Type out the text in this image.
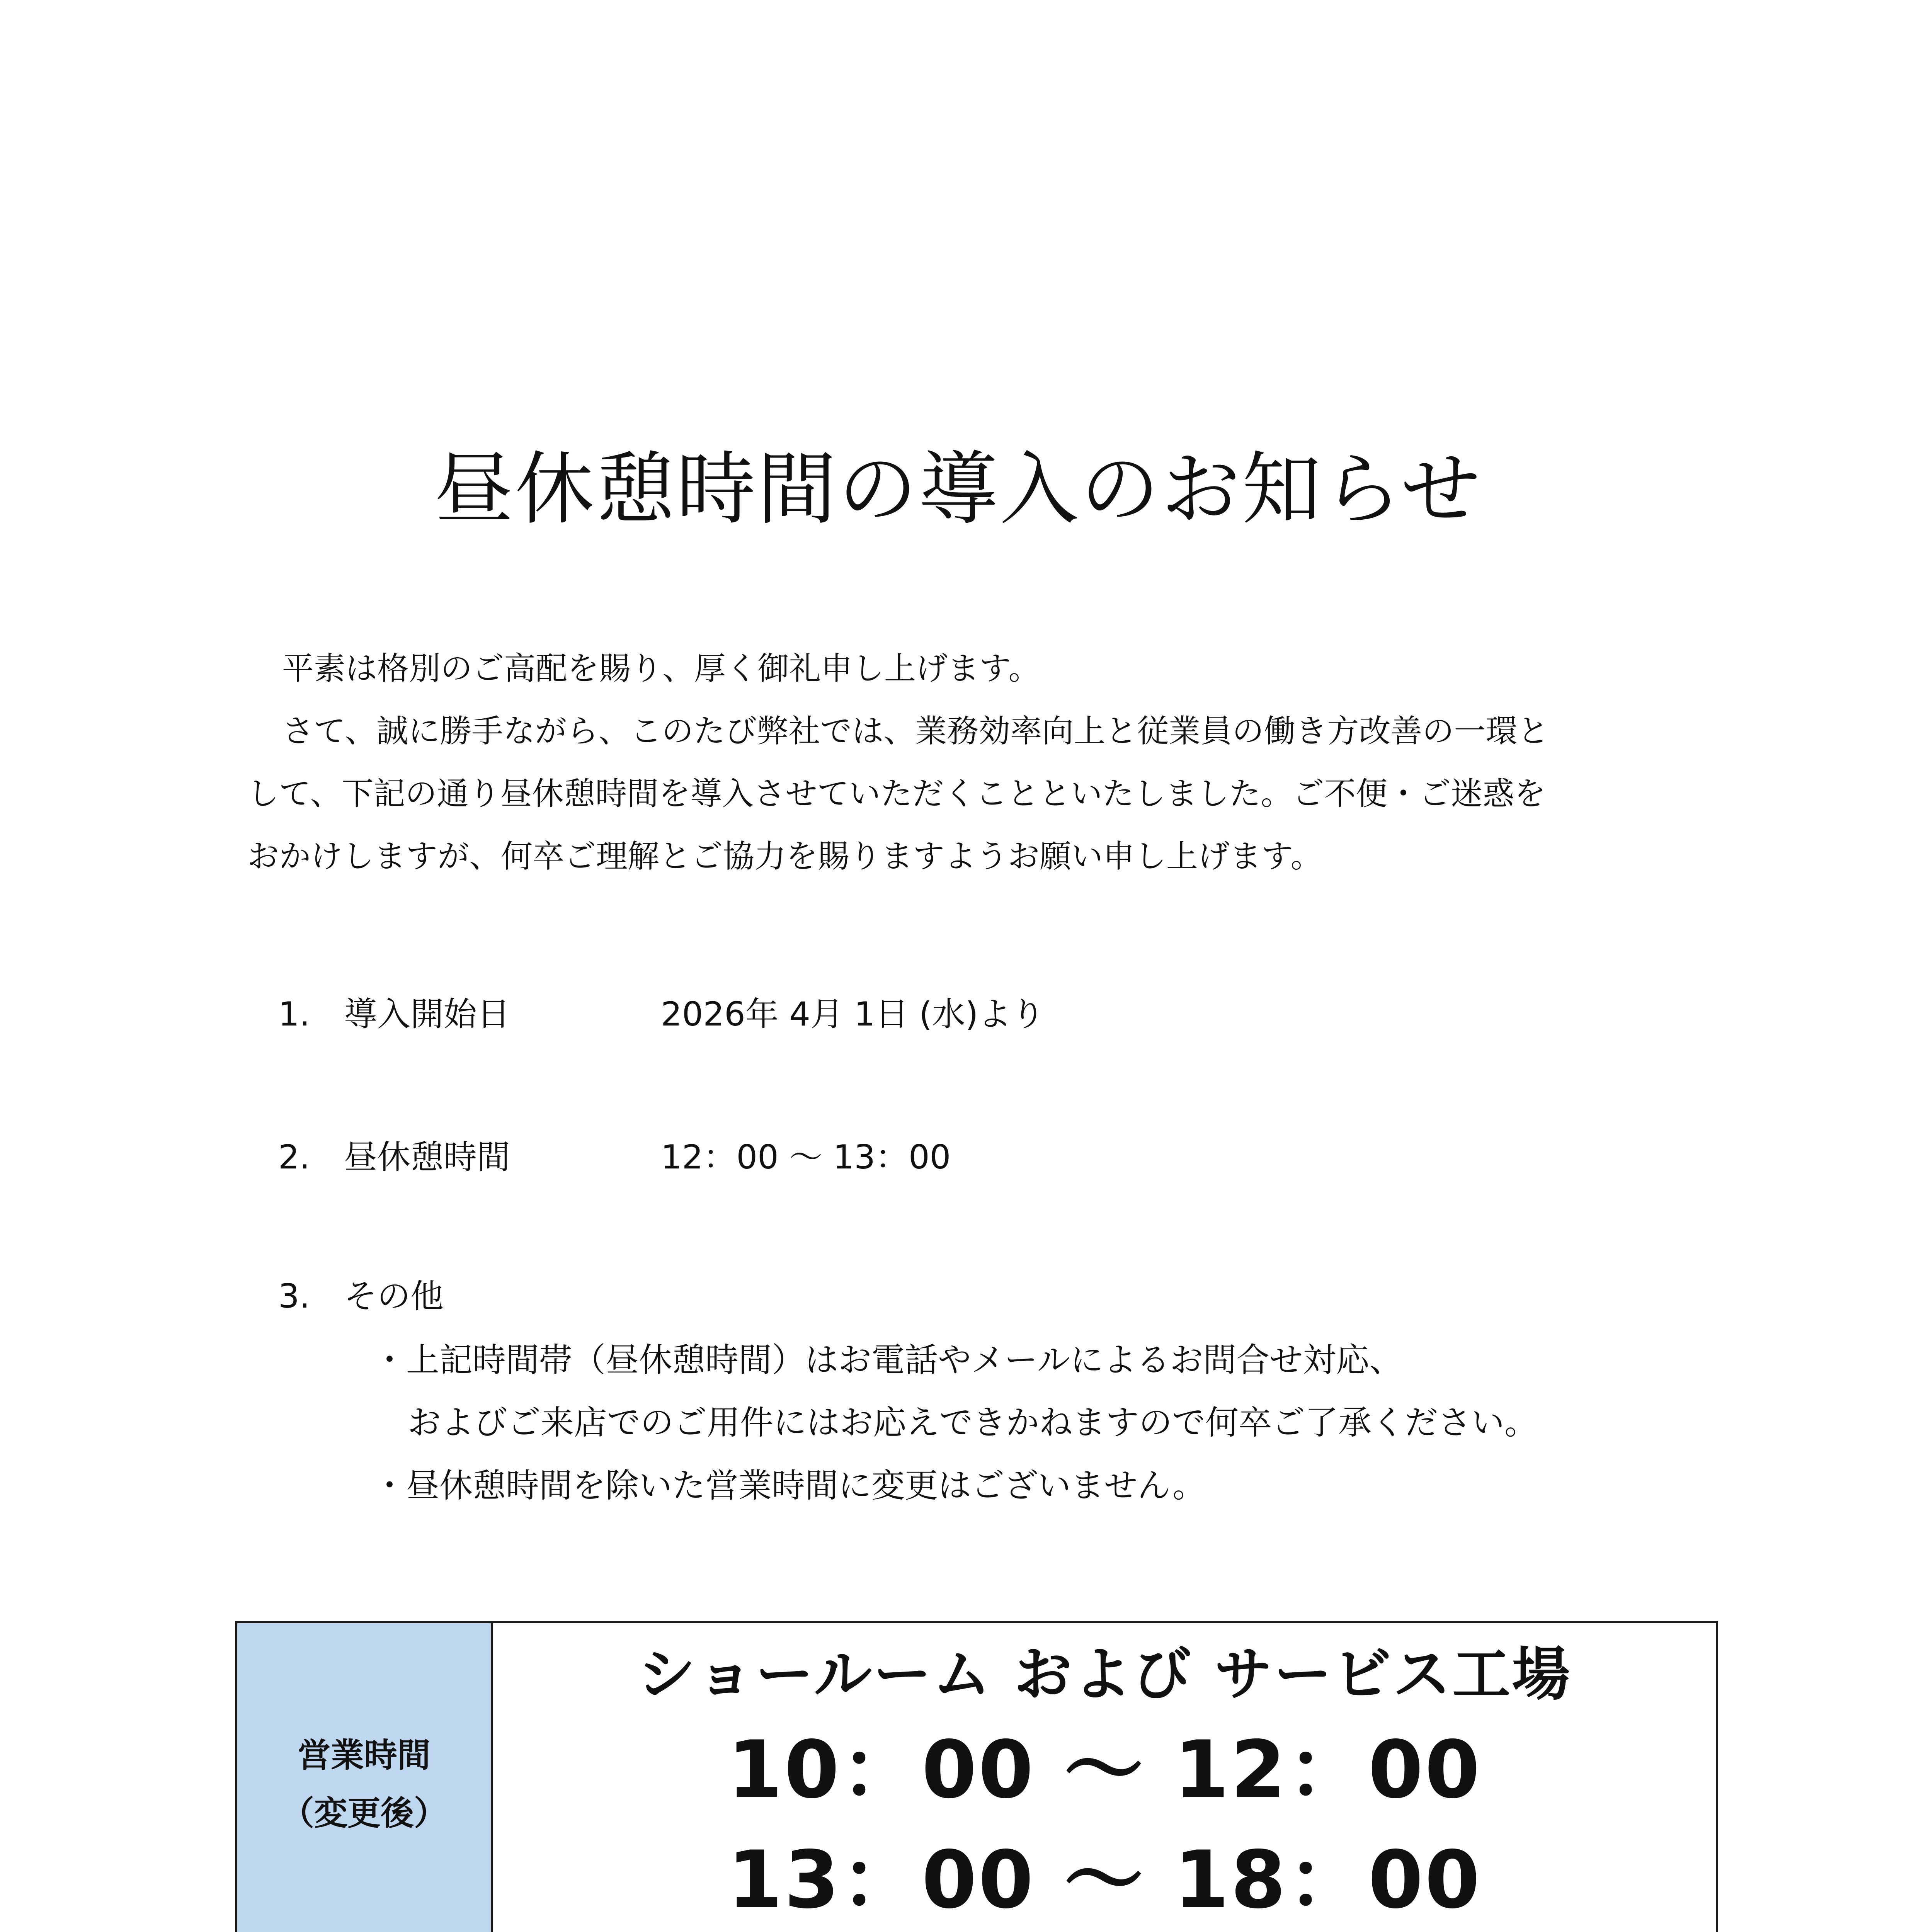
昼休憩時間の導入のお知らせ

平素は格別のご高配を賜り、厚く御礼申し上げます。

さて、誠に勝手ながら、このたび弊社では、業務効率向上と従業員の働き方改善の一環と

して、下記の通り昼休憩時間を導入させていただくことといたしました。ご不便・ご迷惑を

おかけしますが、何卒ご理解とご協力を賜りますようお願い申し上げます。

1. 導入開始日	2026年 4月 1日 (水)より
2. 昼休憩時間	12：00 ～ 13：00
3. その他
・上記時間帯（昼休憩時間）はお電話やメールによるお問合せ対応、
およびご来店でのご用件にはお応えできかねますので何卒ご了承ください。
・昼休憩時間を除いた営業時間に変更はございません。
営業時間
（変更後）
ショールーム および サービス工場
10：00 ～ 12：00
13：00 ～ 18：00
